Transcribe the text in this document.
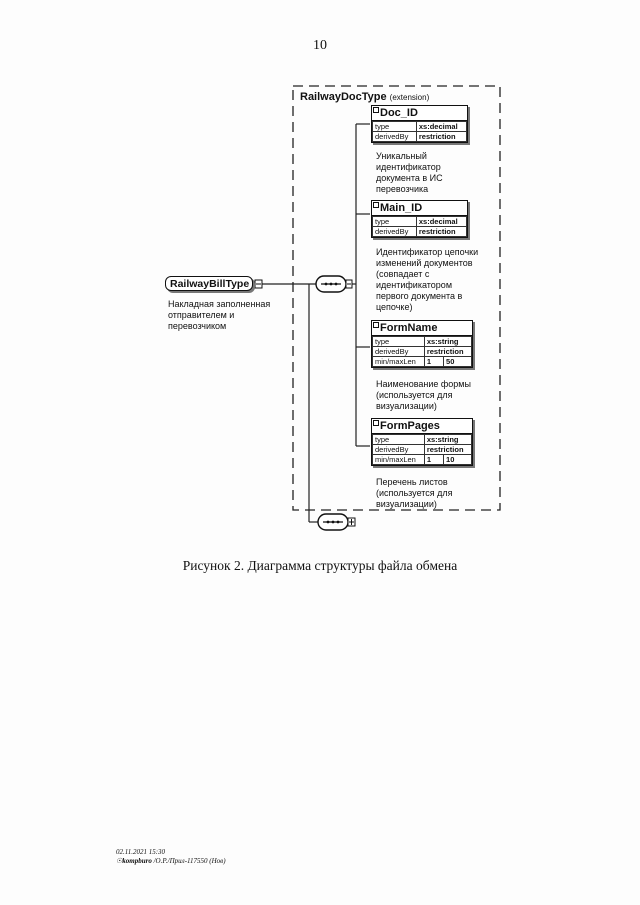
10
RailwayDocType (extension)
RailwayBillType
Накладная заполненная
отправителем и
перевозчиком
Doc_ID
type	xs:decimal
derivedBy	restriction
Уникальный
идентификатор
документа в ИС
перевозчика
Main_ID
type	xs:decimal
derivedBy	restriction
Идентификатор цепочки
изменений документов
(совпадает с
идентификатором
первого документа в
цепочке)
FormName
type	xs:string	
derivedBy	restriction	
min/maxLen	1	50
Наименование формы
(используется для
визуализации)
FormPages
type	xs:string	
derivedBy	restriction	
min/maxLen	1	10
Перечень листов
(используется для
визуализации)
Рисунок 2. Диаграмма структуры файла обмена
02.11.2021 15:30
☉kompburo /О.Р./Прил-117550 (Нов)
